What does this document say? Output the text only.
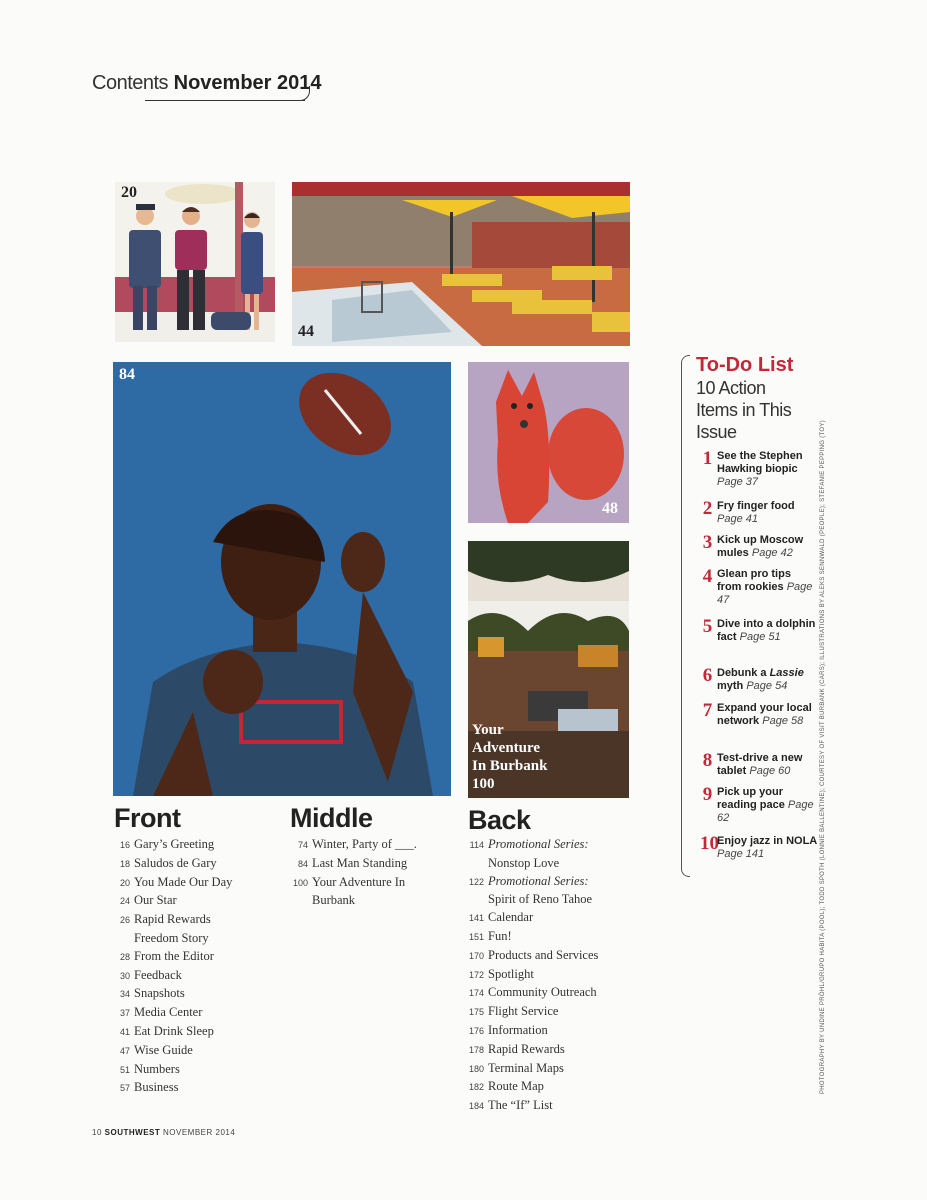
Contents November 2014
20
44
84
48
Your
Adventure
In Burbank
100
Front
16 Gary’s Greeting
18 Saludos de Gary
20 You Made Our Day
24 Our Star
26 Rapid Rewards
Freedom Story
28 From the Editor
30 Feedback
34 Snapshots
37 Media Center
41 Eat Drink Sleep
47 Wise Guide
51 Numbers
57 Business
Middle
74 Winter, Party of ___.
84 Last Man Standing
100 Your Adventure In
Burbank
Back
114 Promotional Series:
Nonstop Love
122 Promotional Series:
Spirit of Reno Tahoe
141 Calendar
151 Fun!
170 Products and Services
172 Spotlight
174 Community Outreach
175 Flight Service
176 Information
178 Rapid Rewards
180 Terminal Maps
182 Route Map
184 The “If” List
To-Do List
10 Action Items in This Issue
1 See the Stephen Hawking biopic Page 37
2 Fry finger food Page 41
3 Kick up Moscow mules Page 42
4 Glean pro tips from rookies Page 47
5 Dive into a dolphin fact Page 51
6 Debunk a Lassie myth Page 54
7 Expand your local network Page 58
8 Test-drive a new tablet Page 60
9 Pick up your reading pace Page 62
10
Enjoy jazz in NOLA Page 141	PHOTOGRAPHY BY UNDINE PRÖHL/GRUPO HABITA (POOL); TODD SPOTH (LONNIE BALLENTINE); COURTESY OF VISIT BURBANK (CARS); ILLUSTRATIONS BY ALEKS SENNWALD (PEOPLE); STEFANIE PEPPING (TOY)
10 SOUTHWEST NOVEMBER 2014
